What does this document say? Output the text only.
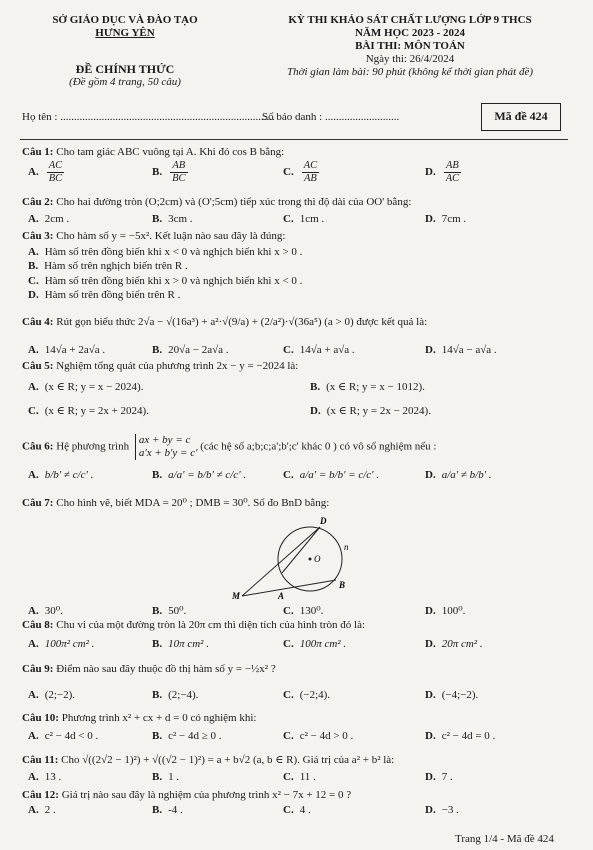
SỞ GIÁO DỤC VÀ ĐÀO TẠO
HƯNG YÊN
KỲ THI KHẢO SÁT CHẤT LƯỢNG LỚP 9 THCS
NĂM HỌC 2023 - 2024
BÀI THI: MÔN TOÁN
ĐỀ CHÍNH THỨC
(Đề gồm 4 trang, 50 câu)
Ngày thi: 26/4/2024
Thời gian làm bài: 90 phút (không kể thời gian phát đề)
Họ tên : ..............................................................................
Số báo danh : ...........................	Mã đề 424
Câu 1: Cho tam giác ABC vuông tại A. Khi đó cos B bằng:
A. $\frac{AC}{BC}$	B. $\frac{AB}{BC}$	C. $\frac{AC}{AB}$	D. $\frac{AB}{AC}$
Câu 2: Cho hai đường tròn (O;2cm) và (O';5cm) tiếp xúc trong thì độ dài của OO' bằng:
A. 2cm .	B. 3cm .	C. 1cm .	D. 7cm .
Câu 3: Cho hàm số y = −5x². Kết luận nào sau đây là đúng:
A. Hàm số trên đồng biến khi x < 0 và nghịch biến khi x > 0 .
B. Hàm số trên nghịch biến trên R .
C. Hàm số trên đồng biến khi x > 0 và nghịch biến khi x < 0 .
D. Hàm số trên đồng biến trên R .
Câu 4: Rút gọn biểu thức 2√a − √(16a³) + a²·√(9/a) + (2/a²)·√(36a⁵) (a > 0) được kết quả là:
A. 14√a + 2a√a .	B. 20√a − 2a√a .	C. 14√a + a√a .	D. 14√a − a√a .
Câu 5: Nghiệm tổng quát của phương trình 2x − y = −2024 là:
A. (x ∈ R; y = x − 2024).	B. (x ∈ R; y = x − 1012).
C. (x ∈ R; y = 2x + 2024).	D. (x ∈ R; y = 2x − 2024).
Câu 6: Hệ phương trình
ax + by = c
a'x + b'y = c'
(các hệ số a;b;c;a';b';c' khác 0 ) có vô số nghiệm nếu :
A. b/b' ≠ c/c' .	B. a/a' = b/b' ≠ c/c' .	C. a/a' = b/b' = c/c' .	D. a/a' ≠ b/b' .
Câu 7: Cho hình vẽ, biết MDA = 20⁰ ; DMB = 30⁰. Số đo BnD bằng:
D
n
O
M	A
B
A. 30⁰.	B. 50⁰.	C. 130⁰.	D. 100⁰.
Câu 8: Chu vi của một đường tròn là 20π cm thì diện tích của hình tròn đó là:
A. 100π² cm² .	B. 10π cm² .	C. 100π cm² .	D. 20π cm² .
Câu 9: Điểm nào sau đây thuộc đồ thị hàm số y = −½x² ?
A. (2;−2).	B. (2;−4).	C. (−2;4).	D. (−4;−2).
Câu 10: Phương trình x² + cx + d = 0 có nghiệm khi:
A. c² − 4d < 0 .	B. c² − 4d ≥ 0 .	C. c² − 4d > 0 .	D. c² − 4d = 0 .
Câu 11: Cho √((2√2 − 1)²) + √((√2 − 1)²) = a + b√2 (a, b ∈ R). Giá trị của a² + b² là:
A. 13 .	B. 1 .	C. 11 .	D. 7 .
Câu 12: Giá trị nào sau đây là nghiệm của phương trình x² − 7x + 12 = 0 ?
A. 2 .	B. -4 .	C. 4 .	D. −3 .
Trang 1/4 - Mã đề 424
